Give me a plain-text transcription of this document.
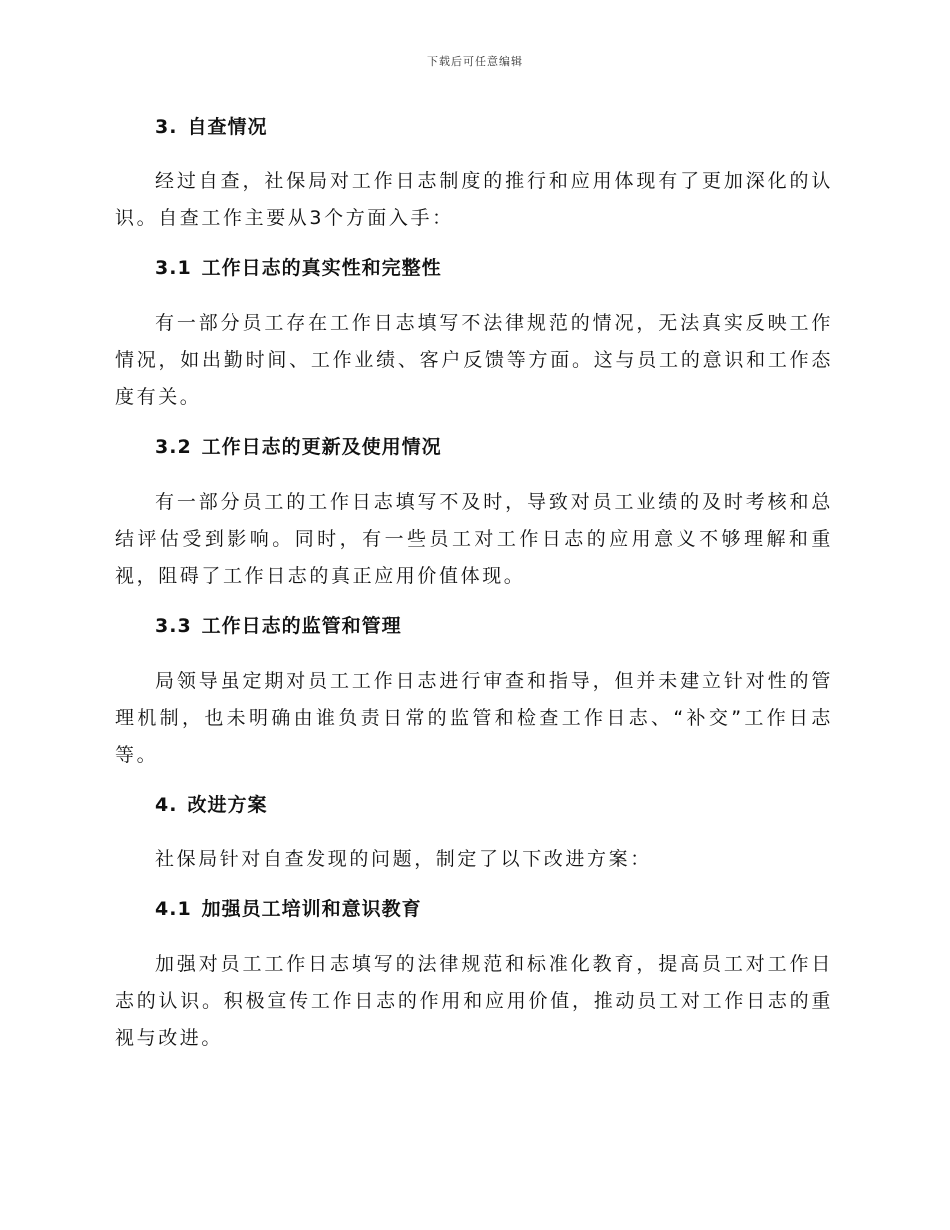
下载后可任意编辑
3. 自查情况
经过自查，社保局对工作日志制度的推行和应用体现有了更加深化的认识。自查工作主要从3个方面入手：
3.1 工作日志的真实性和完整性
有一部分员工存在工作日志填写不法律规范的情况，无法真实反映工作情况，如出勤时间、工作业绩、客户反馈等方面。这与员工的意识和工作态度有关。
3.2 工作日志的更新及使用情况
有一部分员工的工作日志填写不及时，导致对员工业绩的及时考核和总结评估受到影响。同时，有一些员工对工作日志的应用意义不够理解和重视，阻碍了工作日志的真正应用价值体现。
3.3 工作日志的监管和管理
局领导虽定期对员工工作日志进行审查和指导，但并未建立针对性的管理机制，也未明确由谁负责日常的监管和检查工作日志、“补交”工作日志等。
4. 改进方案
社保局针对自查发现的问题，制定了以下改进方案：
4.1 加强员工培训和意识教育
加强对员工工作日志填写的法律规范和标准化教育，提高员工对工作日志的认识。积极宣传工作日志的作用和应用价值，推动员工对工作日志的重视与改进。
